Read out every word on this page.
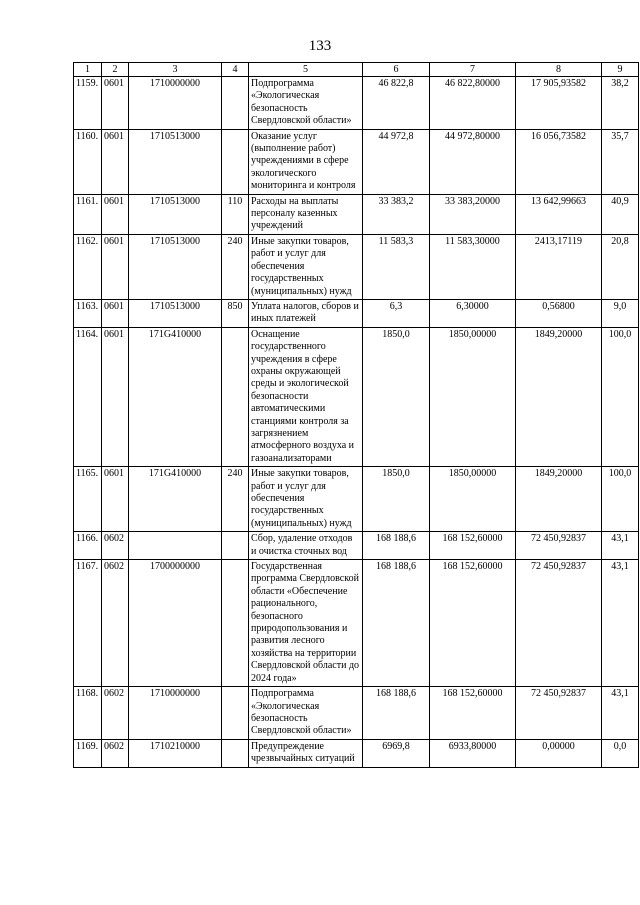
133
1	2	3	4	5	6	7	8	9
1159.	0601	1710000000		Подпрограмма «Экологическая безопасность Свердловской области»	46 822,8	46 822,80000	17 905,93582	38,2
1160.	0601	1710513000		Оказание услуг (выполнение работ) учреждениями в сфере экологического мониторинга и контроля	44 972,8	44 972,80000	16 056,73582	35,7
1161.	0601	1710513000	110	Расходы на выплаты персоналу казенных учреждений	33 383,2	33 383,20000	13 642,99663	40,9
1162.	0601	1710513000	240	Иные закупки товаров, работ и услуг для обеспечения государственных (муниципальных) нужд	11 583,3	11 583,30000	2413,17119	20,8
1163.	0601	1710513000	850	Уплата налогов, сборов и иных платежей	6,3	6,30000	0,56800	9,0
1164.	0601	171G410000		Оснащение государственного учреждения в сфере охраны окружающей среды и экологической безопасности автоматическими станциями контроля за загрязнением атмосферного воздуха и газоанализаторами	1850,0	1850,00000	1849,20000	100,0
1165.	0601	171G410000	240	Иные закупки товаров, работ и услуг для обеспечения государственных (муниципальных) нужд	1850,0	1850,00000	1849,20000	100,0
1166.	0602			Сбор, удаление отходов и очистка сточных вод	168 188,6	168 152,60000	72 450,92837	43,1
1167.	0602	1700000000		Государственная программа Свердловской области «Обеспечение рационального, безопасного природопользования и развития лесного хозяйства на территории Свердловской области до 2024 года»	168 188,6	168 152,60000	72 450,92837	43,1
1168.	0602	1710000000		Подпрограмма «Экологическая безопасность Свердловской области»	168 188,6	168 152,60000	72 450,92837	43,1
1169.	0602	1710210000		Предупреждение чрезвычайных ситуаций	6969,8	6933,80000	0,00000	0,0
